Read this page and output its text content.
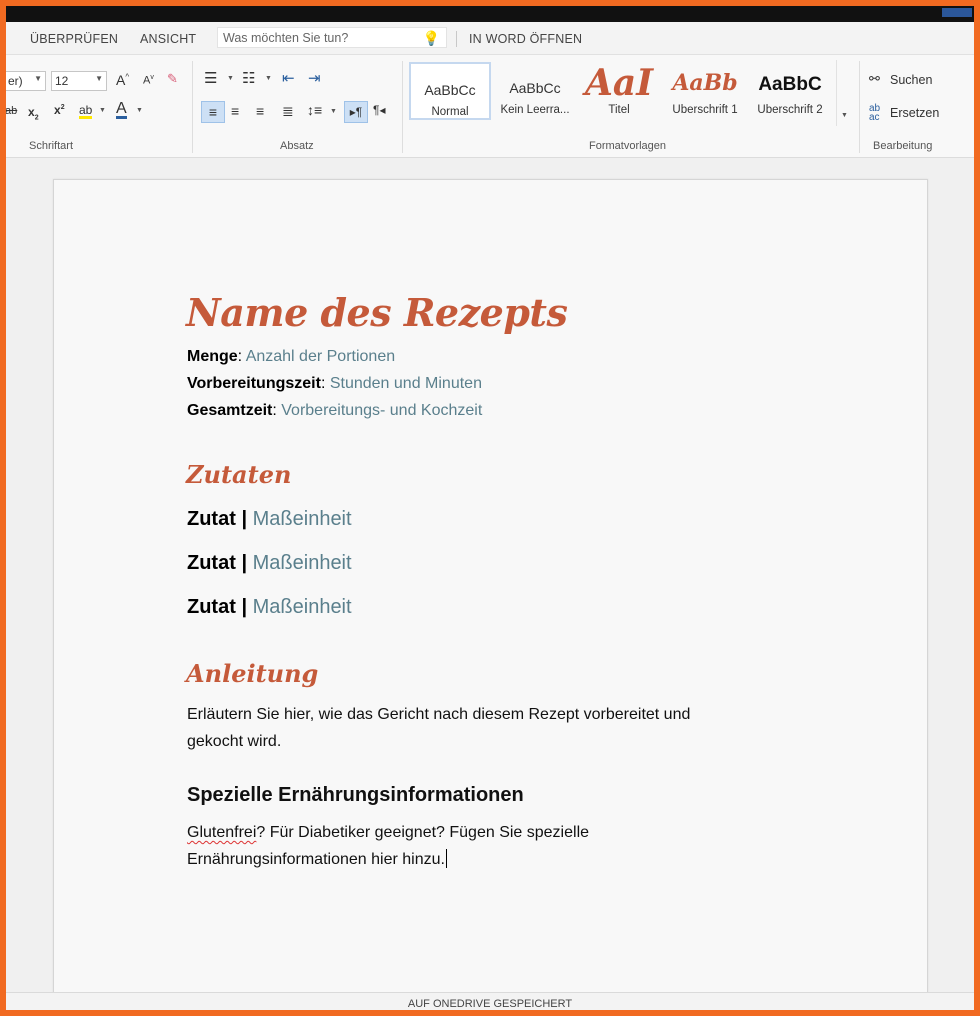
ÜBERPRÜFEN ANSICHT	Was möchten Sie tun?	💡 IN WORD ÖFFNEN
er) ▼	12	▼ A^ $A^v$ ✎
ab $x_2$
$x^2$ ab ▼ A ▼
Schriftart
☰ ▼ ☷ ▼ ⇤ ⇥
≡ ≡ ≡ ≣ ↕≡ ▼	▸¶ ¶◂
Absatz
AaBbCc
Normal
AaBbCc
Kein Leerra...
AaI
Titel
AaBb
Überschrift 1
AaBbC
Überschrift 2	▼
Formatvorlagen
⚯ Suchen
ab
ac Ersetzen
Bearbeitung
Name des Rezepts
Menge: Anzahl der Portionen
Vorbereitungszeit: Stunden und Minuten
Gesamtzeit: Vorbereitungs- und Kochzeit
Zutaten
Zutat | Maßeinheit
Zutat | Maßeinheit
Zutat | Maßeinheit
Anleitung
Erläutern Sie hier, wie das Gericht nach diesem Rezept vorbereitet und
gekocht wird.
Spezielle Ernährungsinformationen
Glutenfrei? Für Diabetiker geeignet? Fügen Sie spezielle
Ernährungsinformationen hier hinzu.
AUF ONEDRIVE GESPEICHERT
